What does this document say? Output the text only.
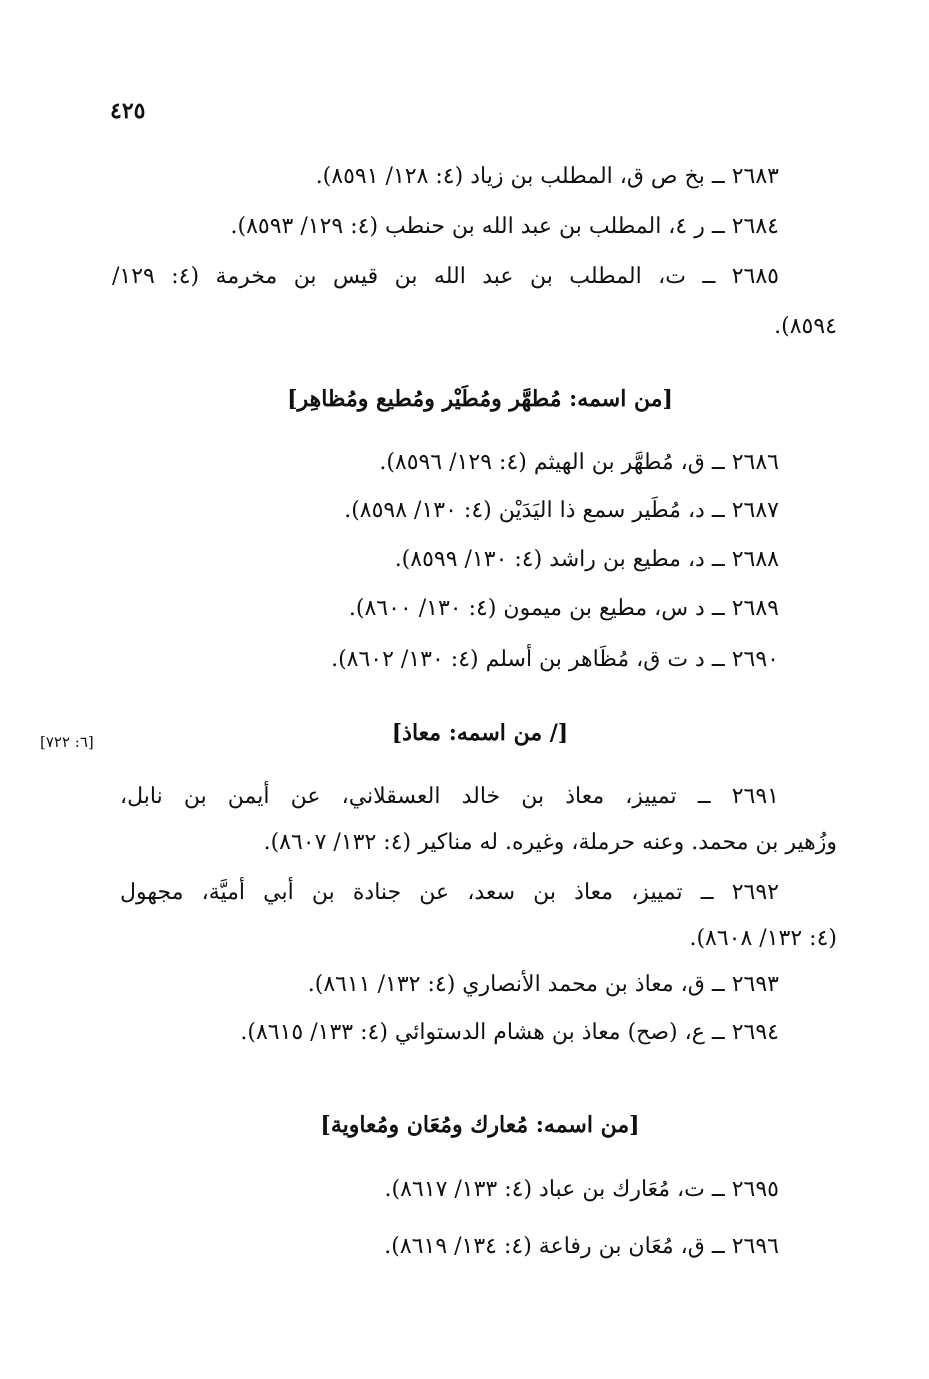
٤٢٥
٢٦٨٣ ــ بخ ص ق، المطلب بن زياد (٤: ١٢٨/ ٨٥٩١).
٢٦٨٤ ــ ر ٤، المطلب بن عبد الله بن حنطب (٤: ١٢٩/ ٨٥٩٣).
٢٦٨٥ ــ ت، المطلب بن عبد الله بن قيس بن مخرمة (٤: ١٢٩/
٨٥٩٤).
[من اسمه: مُطهَّر ومُطَيْر ومُطيع ومُظاهِر]
٢٦٨٦ ــ ق، مُطهَّر بن الهيثم (٤: ١٢٩/ ٨٥٩٦).
٢٦٨٧ ــ د، مُطَير سمع ذا اليَدَيْن (٤: ١٣٠/ ٨٥٩٨).
٢٦٨٨ ــ د، مطيع بن راشد (٤: ١٣٠/ ٨٥٩٩).
٢٦٨٩ ــ د س، مطيع بن ميمون (٤: ١٣٠/ ٨٦٠٠).
٢٦٩٠ ــ د ت ق، مُظَاهر بن أسلم (٤: ١٣٠/ ٨٦٠٢).
[/ من اسمه: معاذ]
[٦: ٧٢٢]
٢٦٩١ ــ تمييز، معاذ بن خالد العسقلاني، عن أيمن بن نابل،
وزُهير بن محمد. وعنه حرملة، وغيره. له مناكير (٤: ١٣٢/ ٨٦٠٧).
٢٦٩٢ ــ تمييز، معاذ بن سعد، عن جنادة بن أبي أميَّة، مجهول
(٤: ١٣٢/ ٨٦٠٨).
٢٦٩٣ ــ ق، معاذ بن محمد الأنصاري (٤: ١٣٢/ ٨٦١١).
٢٦٩٤ ــ ع، (صح) معاذ بن هشام الدستوائي (٤: ١٣٣/ ٨٦١٥).
[من اسمه: مُعارك ومُعَان ومُعاوية]
٢٦٩٥ ــ ت، مُعَارك بن عباد (٤: ١٣٣/ ٨٦١٧).
٢٦٩٦ ــ ق، مُعَان بن رفاعة (٤: ١٣٤/ ٨٦١٩).
